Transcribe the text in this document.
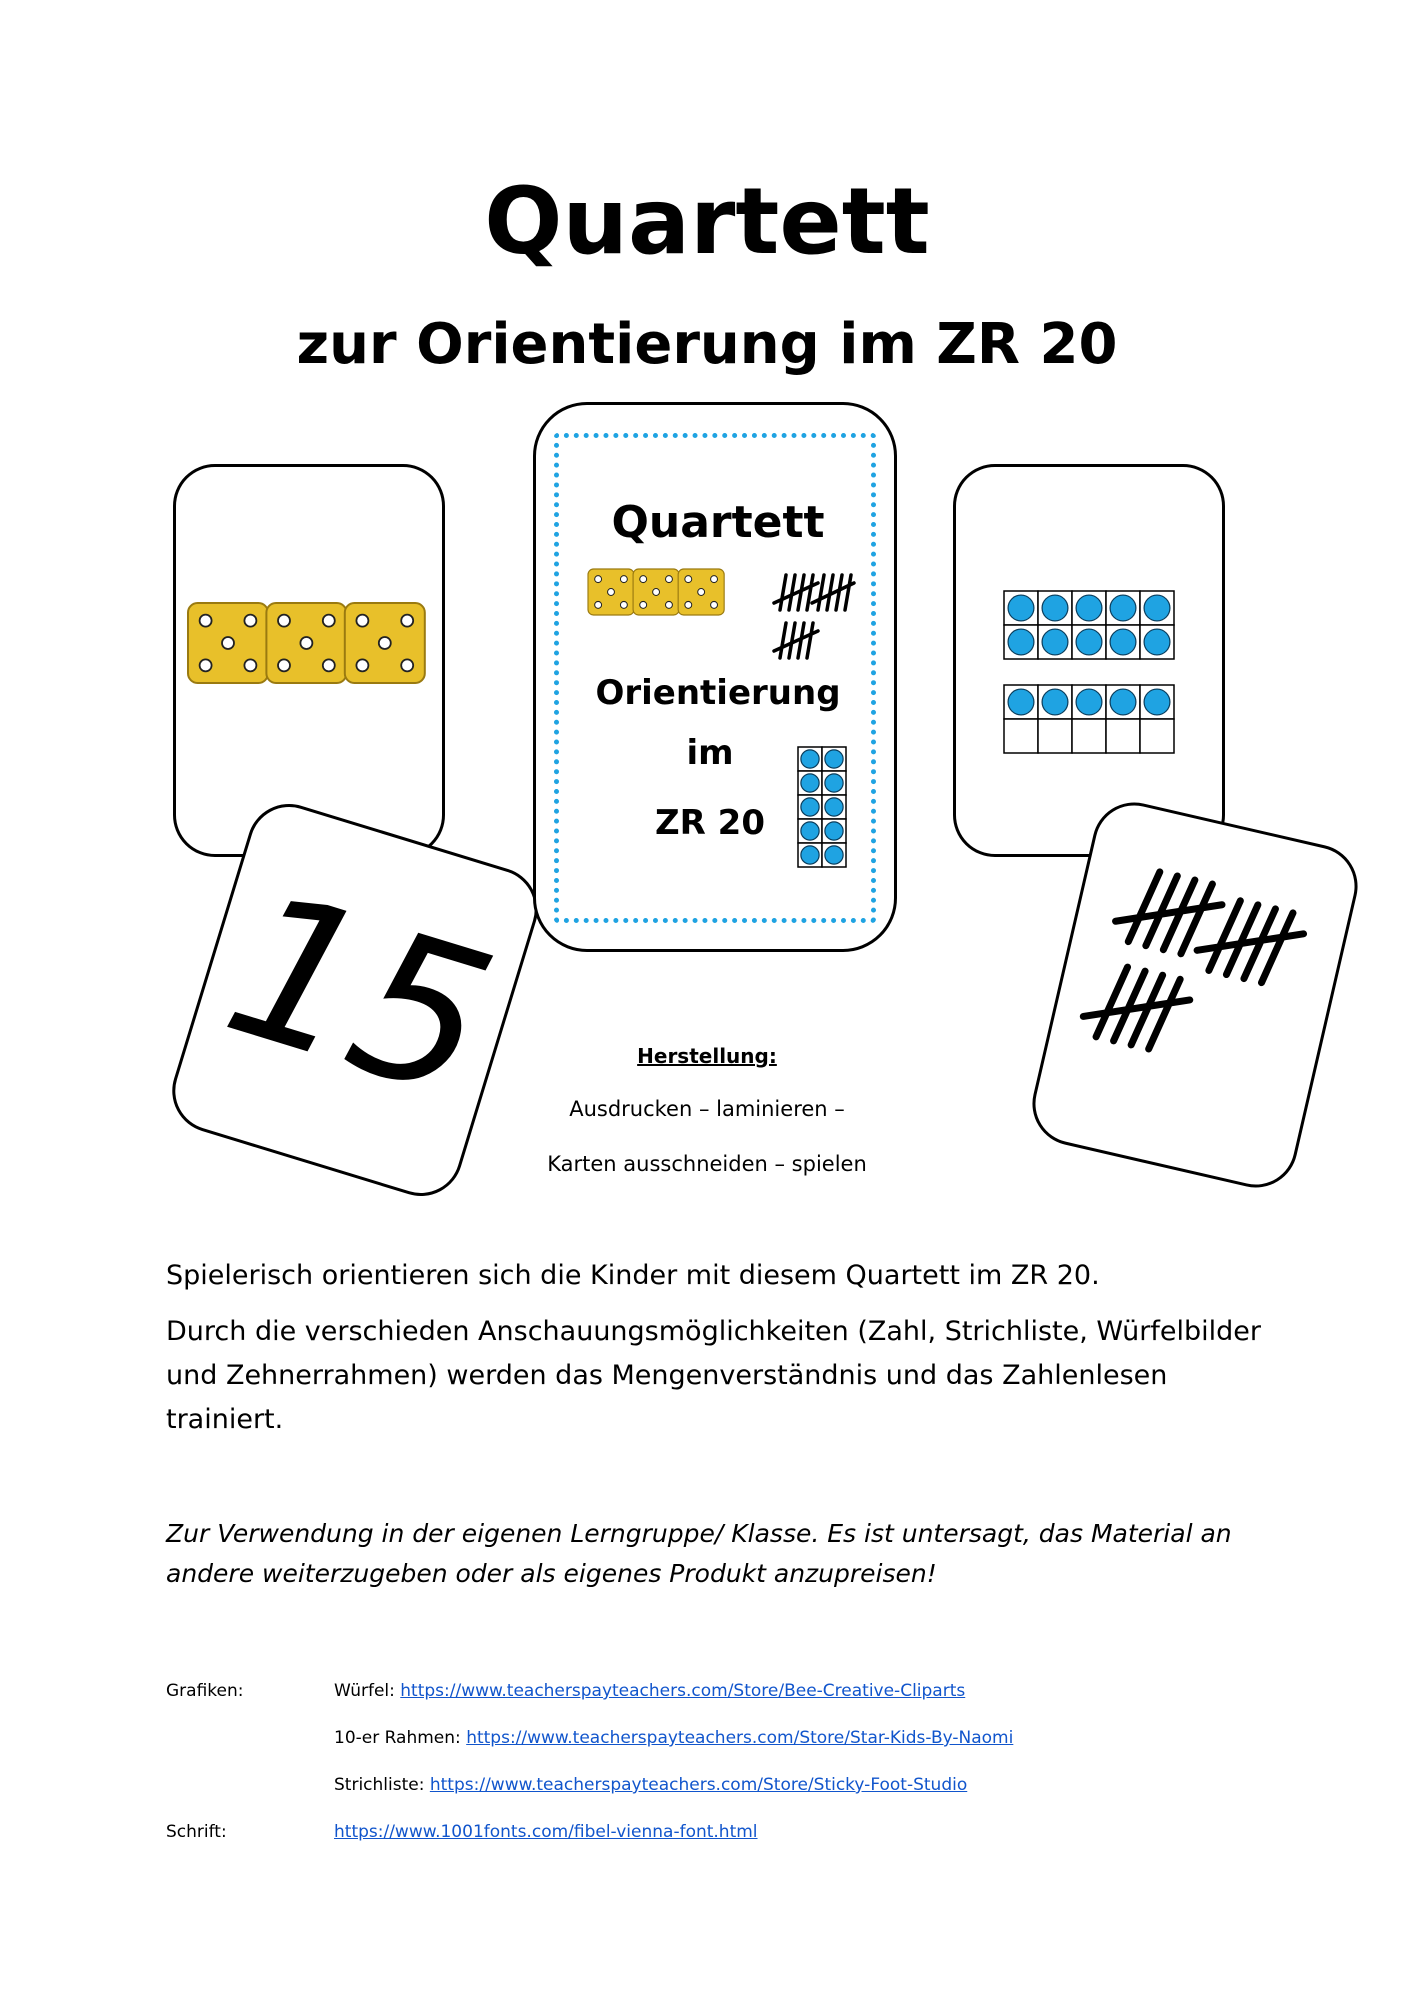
Quartett
zur Orientierung im ZR 20
15
Quartett
Orientierung
im
ZR 20
Herstellung:
Ausdrucken – laminieren –
Karten ausschneiden – spielen
Spielerisch orientieren sich die Kinder mit diesem Quartett im ZR 20.
Durch die verschieden Anschauungsmöglichkeiten (Zahl, Strichliste, Würfelbilder und Zehnerrahmen) werden das Mengenverständnis und das Zahlenlesen trainiert.
Zur Verwendung in der eigenen Lerngruppe/ Klasse. Es ist untersagt, das Material an andere weiterzugeben oder als eigenes Produkt anzupreisen!
Grafiken:	Würfel: https://www.teacherspayteachers.com/Store/Bee-Creative-Cliparts
10-er Rahmen: https://www.teacherspayteachers.com/Store/Star-Kids-By-Naomi
Strichliste: https://www.teacherspayteachers.com/Store/Sticky-Foot-Studio
Schrift:	https://www.1001fonts.com/fibel-vienna-font.html
